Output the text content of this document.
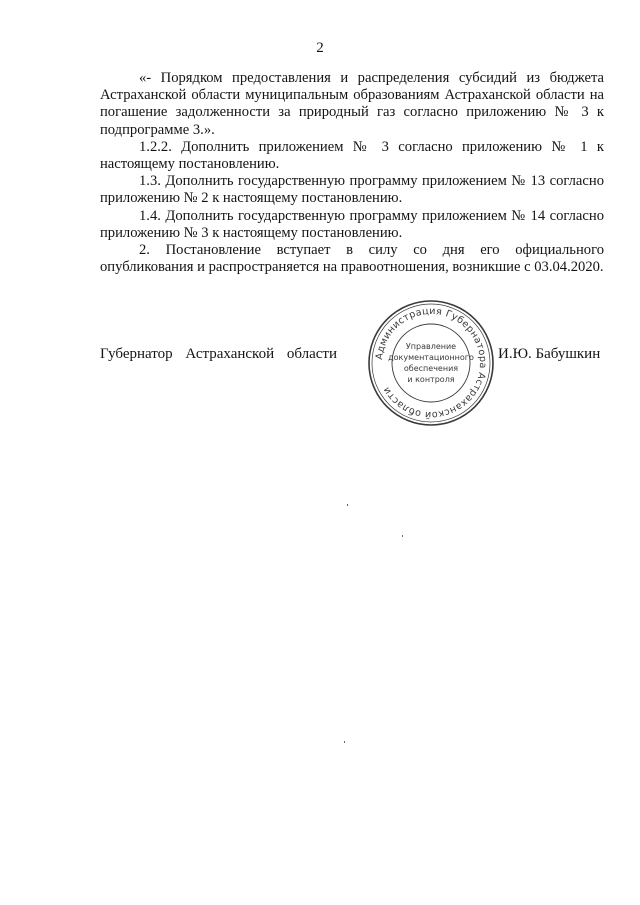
2

«- Порядком предоставления и распределения субсидий из бюджета Астраханской области муниципальным образованиям Астраханской области на погашение задолженности за природный газ согласно приложению № 3 к подпрограмме 3.».

1.2.2. Дополнить приложением № 3 согласно приложению № 1 к настоящему постановлению.

1.3. Дополнить государственную программу приложением № 13 согласно приложению № 2 к настоящему постановлению.

1.4. Дополнить государственную программу приложением № 14 согласно приложению № 3 к настоящему постановлению.

2. Постановление вступает в силу со дня его официального опубликования и распространяется на правоотношения, возникшие с 03.04.2020.

Губернатор Астраханской области	Администрация Губернатора Астраханской области
Управление
документационного
обеспечения
и контроля
И.Ю. Бабушкин
